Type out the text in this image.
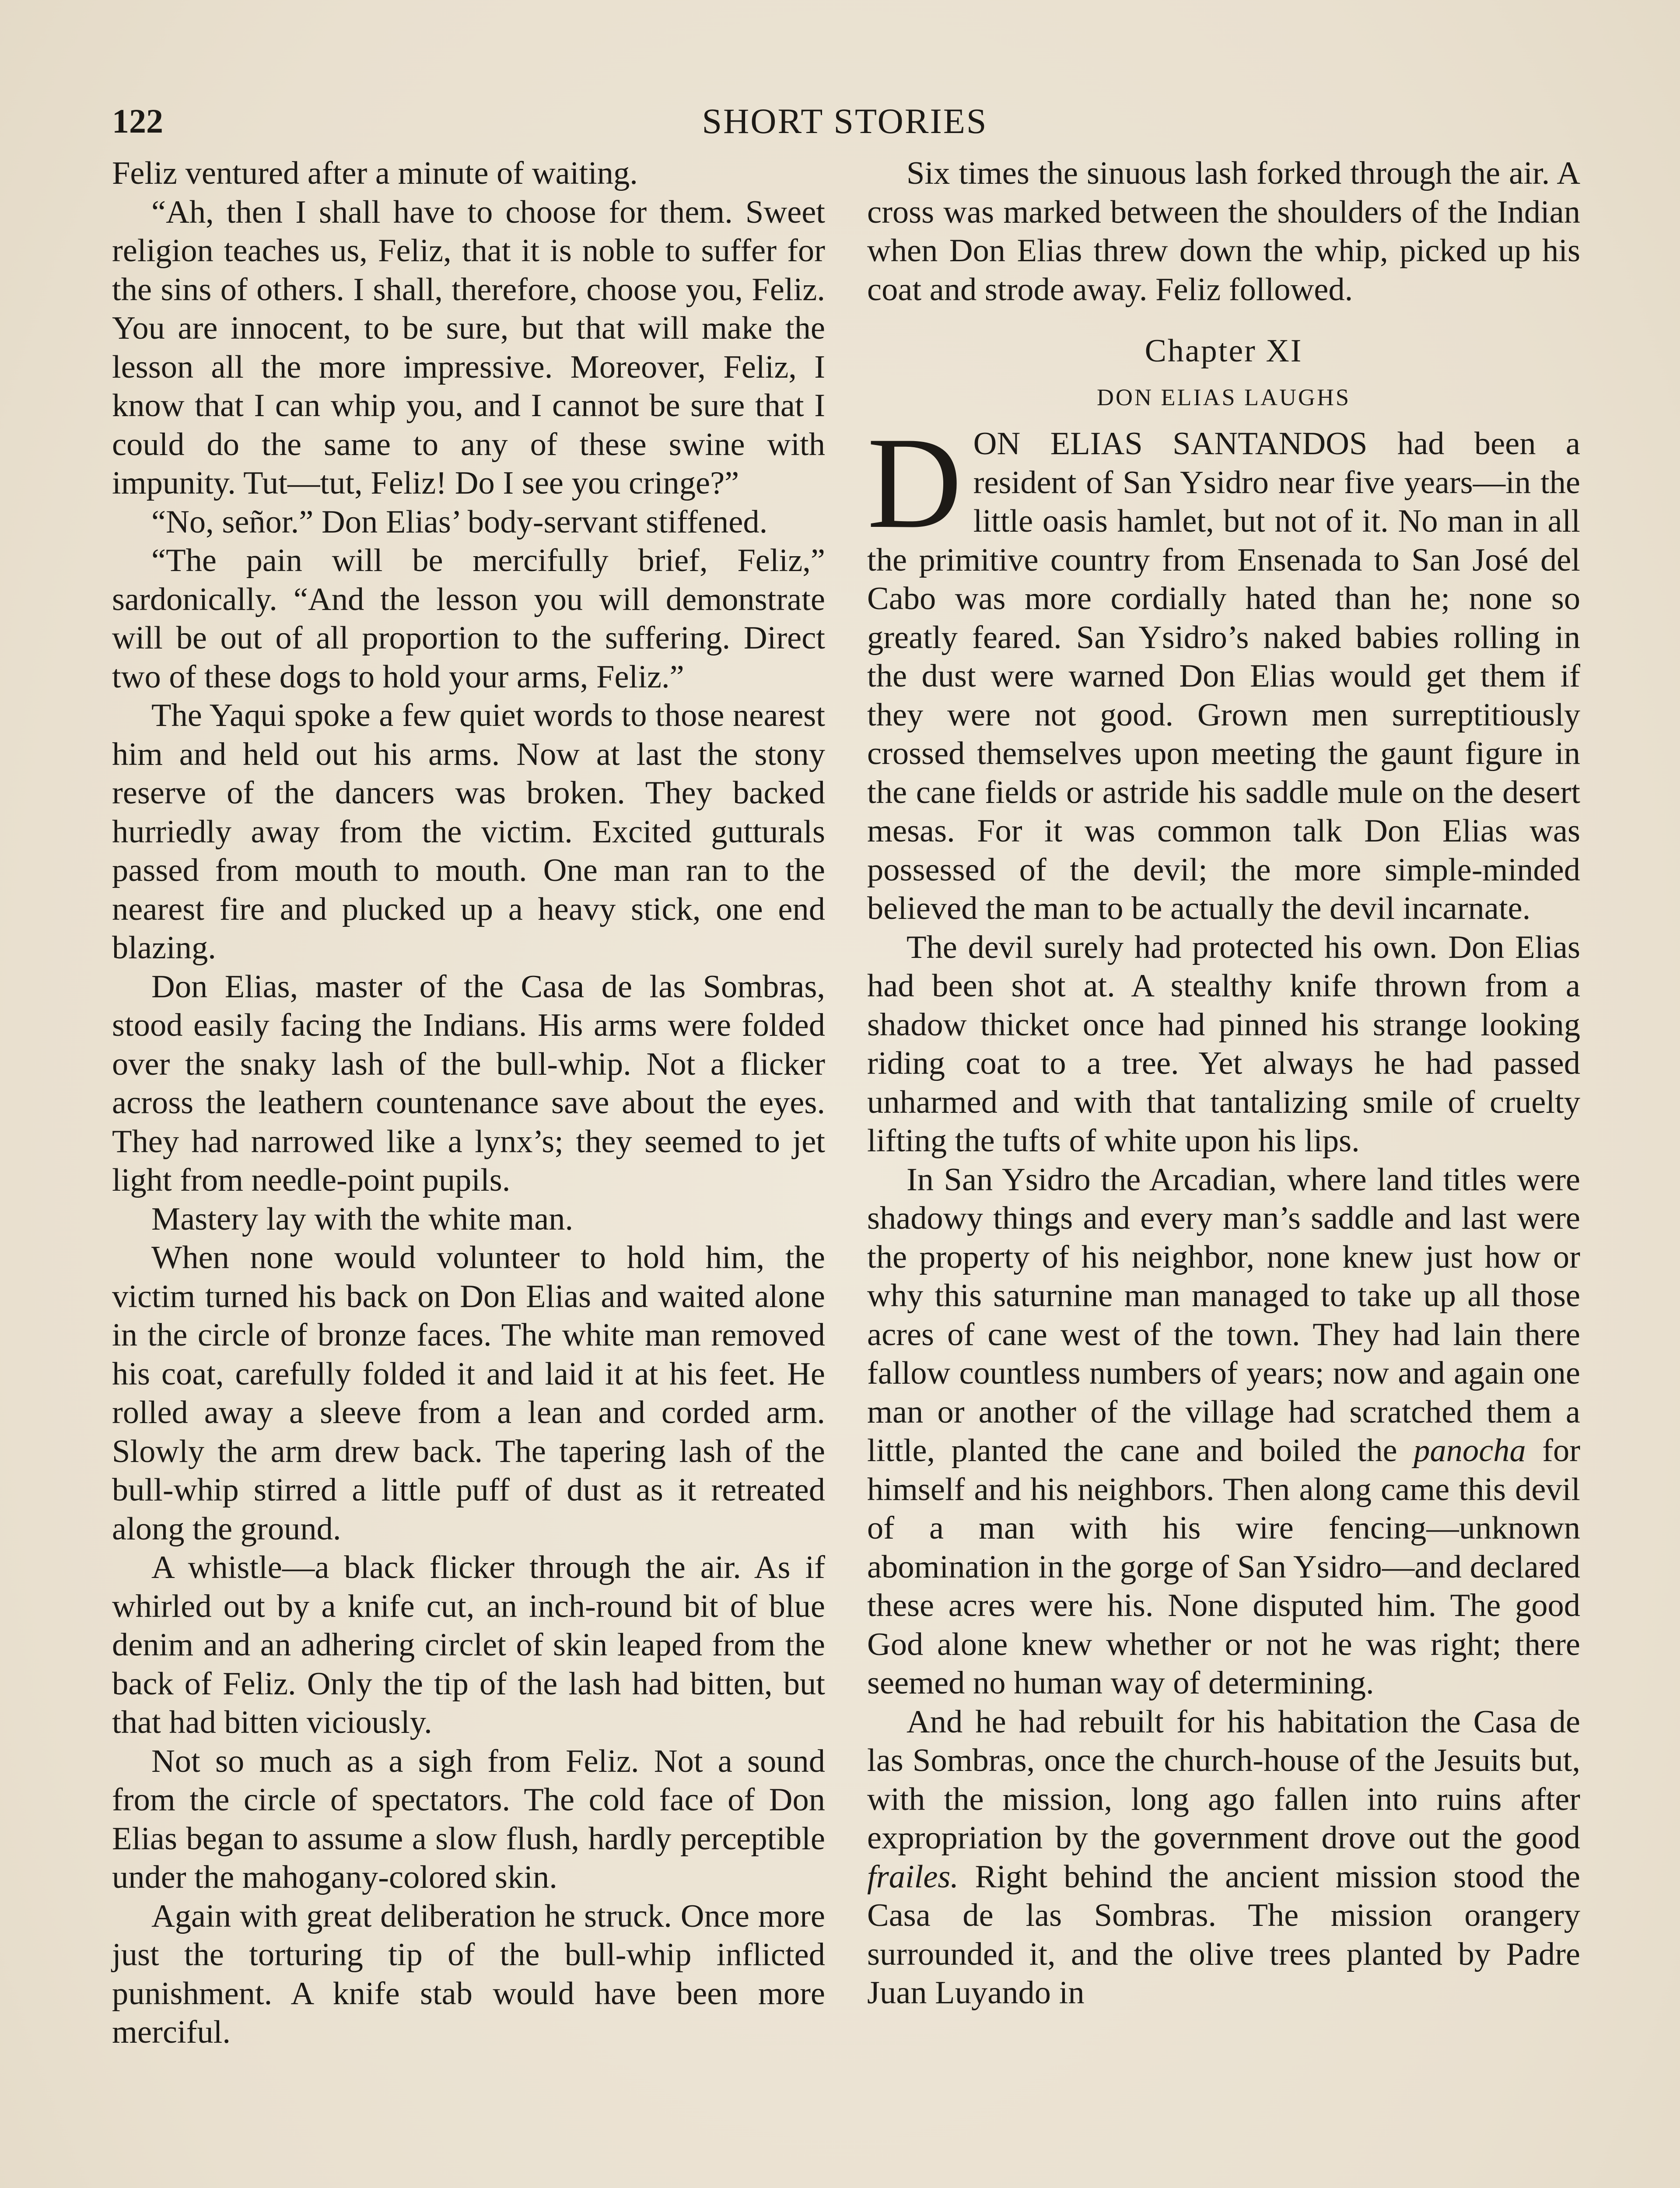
122	SHORT STORIES

Feliz ventured after a minute of waiting.

“Ah, then I shall have to choose for them. Sweet religion teaches us, Feliz, that it is noble to suffer for the sins of others. I shall, therefore, choose you, Feliz. You are innocent, to be sure, but that will make the lesson all the more impressive. Moreover, Feliz, I know that I can whip you, and I cannot be sure that I could do the same to any of these swine with impunity. Tut—tut, Feliz! Do I see you cringe?”

“No, señor.” Don Elias’ body-servant stiffened.

“The pain will be mercifully brief, Feliz,” sardonically. “And the lesson you will demonstrate will be out of all proportion to the suffering. Direct two of these dogs to hold your arms, Feliz.”

The Yaqui spoke a few quiet words to those nearest him and held out his arms. Now at last the stony reserve of the dancers was broken. They backed hurriedly away from the victim. Excited gutturals passed from mouth to mouth. One man ran to the nearest fire and plucked up a heavy stick, one end blazing.

Don Elias, master of the Casa de las Sombras, stood easily facing the Indians. His arms were folded over the snaky lash of the bull-whip. Not a flicker across the leathern countenance save about the eyes. They had narrowed like a lynx’s; they seemed to jet light from needle-point pupils.

Mastery lay with the white man.

When none would volunteer to hold him, the victim turned his back on Don Elias and waited alone in the circle of bronze faces. The white man removed his coat, carefully folded it and laid it at his feet. He rolled away a sleeve from a lean and corded arm. Slowly the arm drew back. The tapering lash of the bull-whip stirred a little puff of dust as it retreated along the ground.

A whistle—a black flicker through the air. As if whirled out by a knife cut, an inch-round bit of blue denim and an adhering circlet of skin leaped from the back of Feliz. Only the tip of the lash had bitten, but that had bitten viciously.

Not so much as a sigh from Feliz. Not a sound from the circle of spectators. The cold face of Don Elias began to assume a slow flush, hardly perceptible under the mahogany-colored skin.

Again with great deliberation he struck. Once more just the torturing tip of the bull-whip inflicted punishment. A knife stab would have been more merciful.

Six times the sinuous lash forked through the air. A cross was marked between the shoulders of the Indian when Don Elias threw down the whip, picked up his coat and strode away. Feliz followed.

Chapter XI
DON ELIAS LAUGHS

DON ELIAS SANTANDOS had been a resident of San Ysidro near five years—in the little oasis hamlet, but not of it. No man in all the primitive country from Ensenada to San José del Cabo was more cordially hated than he; none so greatly feared. San Ysidro’s naked babies rolling in the dust were warned Don Elias would get them if they were not good. Grown men surreptitiously crossed themselves upon meeting the gaunt figure in the cane fields or astride his saddle mule on the desert mesas. For it was common talk Don Elias was possessed of the devil; the more simple-minded believed the man to be actually the devil incarnate.

The devil surely had protected his own. Don Elias had been shot at. A stealthy knife thrown from a shadow thicket once had pinned his strange looking riding coat to a tree. Yet always he had passed unharmed and with that tantalizing smile of cruelty lifting the tufts of white upon his lips.

In San Ysidro the Arcadian, where land titles were shadowy things and every man’s saddle and last were the property of his neighbor, none knew just how or why this saturnine man managed to take up all those acres of cane west of the town. They had lain there fallow countless numbers of years; now and again one man or another of the village had scratched them a little, planted the cane and boiled the panocha for himself and his neighbors. Then along came this devil of a man with his wire fencing—unknown abomination in the gorge of San Ysidro—and declared these acres were his. None disputed him. The good God alone knew whether or not he was right; there seemed no human way of determining.

And he had rebuilt for his habitation the Casa de las Sombras, once the church-house of the Jesuits but, with the mission, long ago fallen into ruins after expropriation by the government drove out the good frailes. Right behind the ancient mission stood the Casa de las Sombras. The mission orangery surrounded it, and the olive trees planted by Padre Juan Luyando in
